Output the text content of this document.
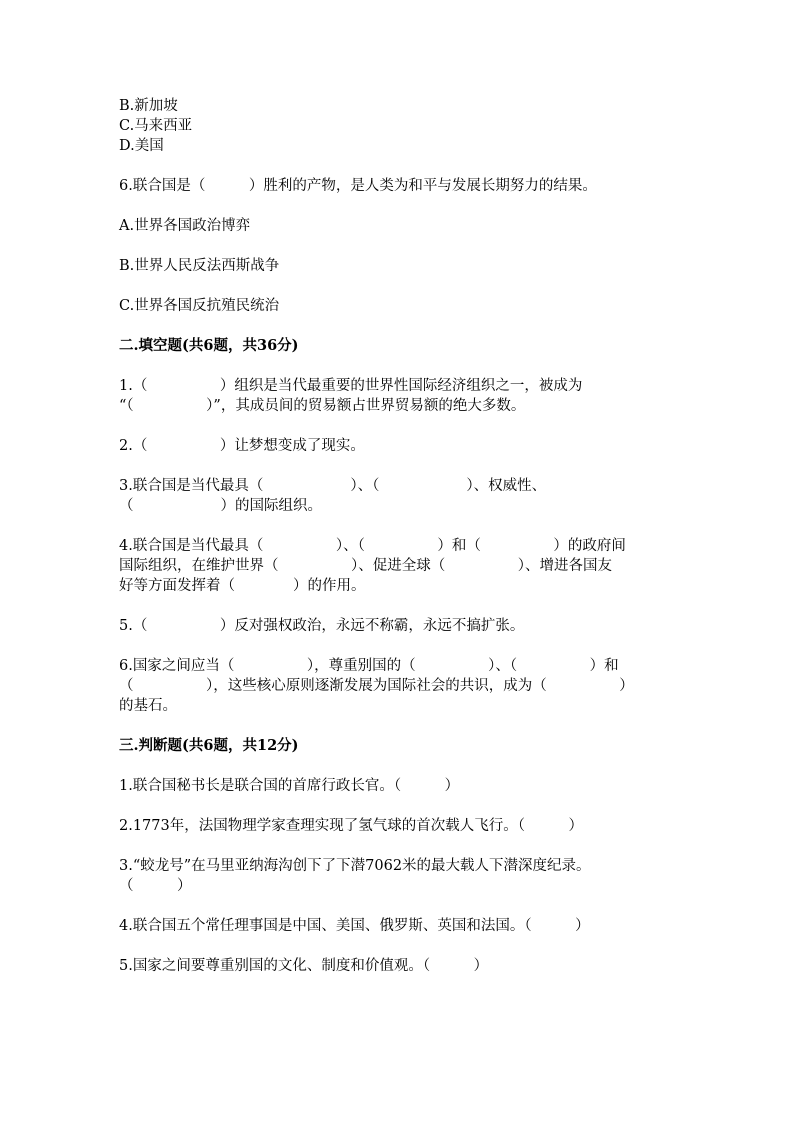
B.新加坡

C.马来西亚

D.美国

6.联合国是（　　　）胜利的产物，是人类为和平与发展长期努力的结果。

A.世界各国政治博弈

B.世界人民反法西斯战争

C.世界各国反抗殖民统治

二.填空题(共6题，共36分)

1.（　　　　　）组织是当代最重要的世界性国际经济组织之一，被成为

“（　　　　　）”，其成员间的贸易额占世界贸易额的绝大多数。

2.（　　　　　）让梦想变成了现实。

3.联合国是当代最具（　　　　　　）、（　　　　　　）、权威性、

（　　　　　　）的国际组织。

4.联合国是当代最具（　　　　　）、（　　　　　）和（　　　　　）的政府间

国际组织，在维护世界（　　　　　）、促进全球（　　　　　）、增进各国友

好等方面发挥着（　　　　）的作用。

5.（　　　　　）反对强权政治，永远不称霸，永远不搞扩张。

6.国家之间应当（　　　　　），尊重别国的（　　　　　）、（　　　　　）和

（　　　　　），这些核心原则逐渐发展为国际社会的共识，成为（　　　　　）

的基石。

三.判断题(共6题，共12分)

1.联合国秘书长是联合国的首席行政长官。（　　　）

2.1773年，法国物理学家查理实现了氢气球的首次载人飞行。（　　　）

3.“蛟龙号”在马里亚纳海沟创下了下潜7062米的最大载人下潜深度纪录。

（　　　）

4.联合国五个常任理事国是中国、美国、俄罗斯、英国和法国。（　　　）

5.国家之间要尊重别国的文化、制度和价值观。（　　　）
